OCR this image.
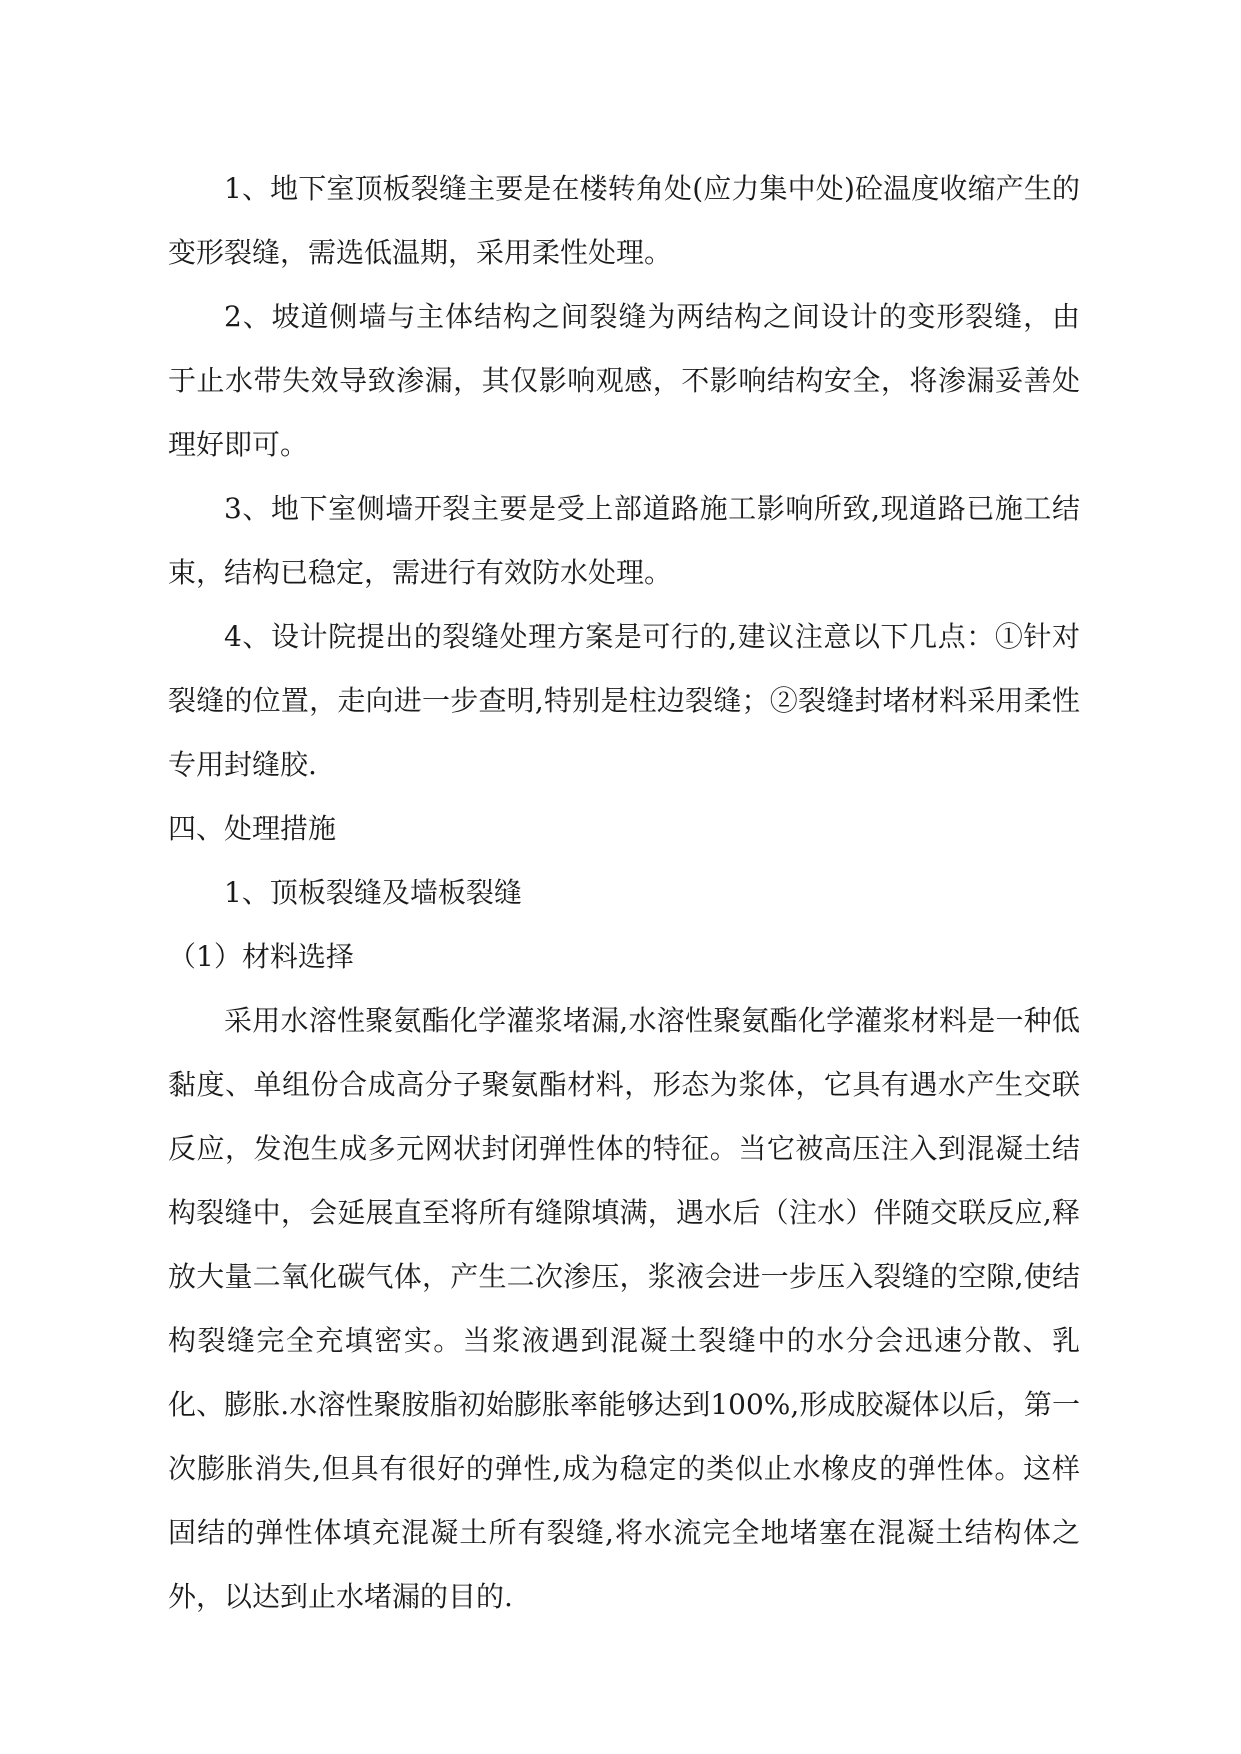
1、地下室顶板裂缝主要是在楼转角处(应力集中处)砼温度收缩产生的变形裂缝，需选低温期，采用柔性处理。

2、坡道侧墙与主体结构之间裂缝为两结构之间设计的变形裂缝，由于止水带失效导致渗漏，其仅影响观感，不影响结构安全，将渗漏妥善处理好即可。

3、地下室侧墙开裂主要是受上部道路施工影响所致,现道路已施工结束，结构已稳定，需进行有效防水处理。

4、设计院提出的裂缝处理方案是可行的,建议注意以下几点：①针对裂缝的位置，走向进一步查明,特别是柱边裂缝；②裂缝封堵材料采用柔性专用封缝胶.

四、处理措施

1、顶板裂缝及墙板裂缝

（1）材料选择

采用水溶性聚氨酯化学灌浆堵漏,水溶性聚氨酯化学灌浆材料是一种低黏度、单组份合成高分子聚氨酯材料，形态为浆体，它具有遇水产生交联反应，发泡生成多元网状封闭弹性体的特征。当它被高压注入到混凝土结构裂缝中，会延展直至将所有缝隙填满，遇水后（注水）伴随交联反应,释放大量二氧化碳气体，产生二次渗压，浆液会进一步压入裂缝的空隙,使结构裂缝完全充填密实。当浆液遇到混凝土裂缝中的水分会迅速分散、乳化、膨胀.水溶性聚胺脂初始膨胀率能够达到100%,形成胶凝体以后，第一次膨胀消失,但具有很好的弹性,成为稳定的类似止水橡皮的弹性体。这样固结的弹性体填充混凝土所有裂缝,将水流完全地堵塞在混凝土结构体之外，以达到止水堵漏的目的.
